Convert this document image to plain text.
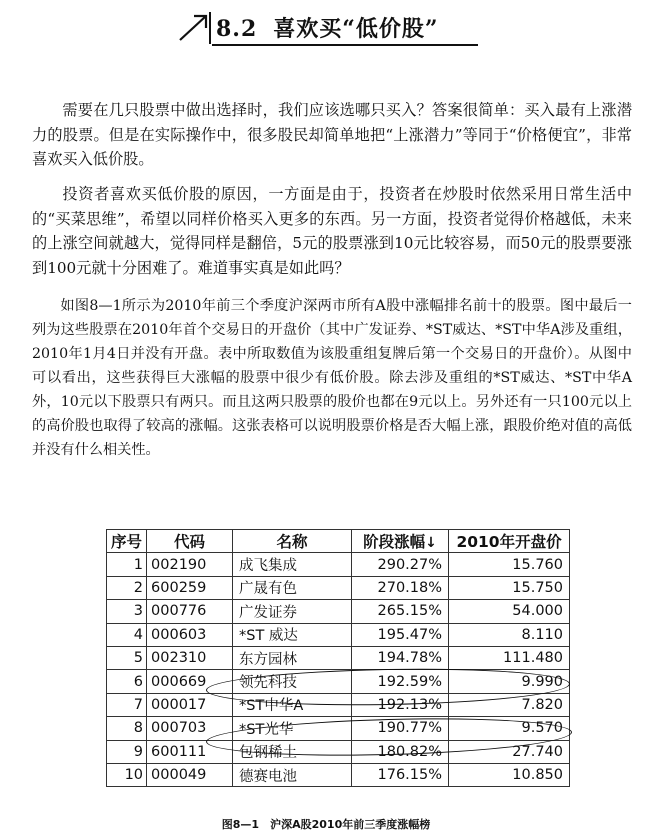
8.2 喜欢买“低价股”

需要在几只股票中做出选择时，我们应该选哪只买入？答案很简单：买入最有上涨潜力的股票。但是在实际操作中，很多股民却简单地把“上涨潜力”等同于“价格便宜”，非常喜欢买入低价股。

投资者喜欢买低价股的原因，一方面是由于，投资者在炒股时依然采用日常生活中的“买菜思维”，希望以同样价格买入更多的东西。另一方面，投资者觉得价格越低，未来的上涨空间就越大，觉得同样是翻倍，5元的股票涨到10元比较容易，而50元的股票要涨到100元就十分困难了。难道事实真是如此吗？

如图8—1所示为2010年前三个季度沪深两市所有A股中涨幅排名前十的股票。图中最后一列为这些股票在2010年首个交易日的开盘价（其中广发证券、*ST威达、*ST中华A涉及重组，2010年1月4日并没有开盘。表中所取数值为该股重组复牌后第一个交易日的开盘价）。从图中可以看出，这些获得巨大涨幅的股票中很少有低价股。除去涉及重组的*ST威达、*ST中华A外，10元以下股票只有两只。而且这两只股票的股价也都在9元以上。另外还有一只100元以上的高价股也取得了较高的涨幅。这张表格可以说明股票价格是否大幅上涨，跟股价绝对值的高低并没有什么相关性。

序号	代码	名称	阶段涨幅↓	2010年开盘价
1	002190	成飞集成	290.27%	15.760
2	600259	广晟有色	270.18%	15.750
3	000776	广发证券	265.15%	54.000
4	000603	*ST 威达	195.47%	8.110
5	002310	东方园林	194.78%	111.480
6	000669	领先科技	192.59%	9.990
7	000017	*ST中华A	192.13%	7.820
8	000703	*ST光华	190.77%	9.570
9	600111	包钢稀土	180.82%	27.740
10	000049	德赛电池	176.15%	10.850
图8—1　沪深A股2010年前三季度涨幅榜
